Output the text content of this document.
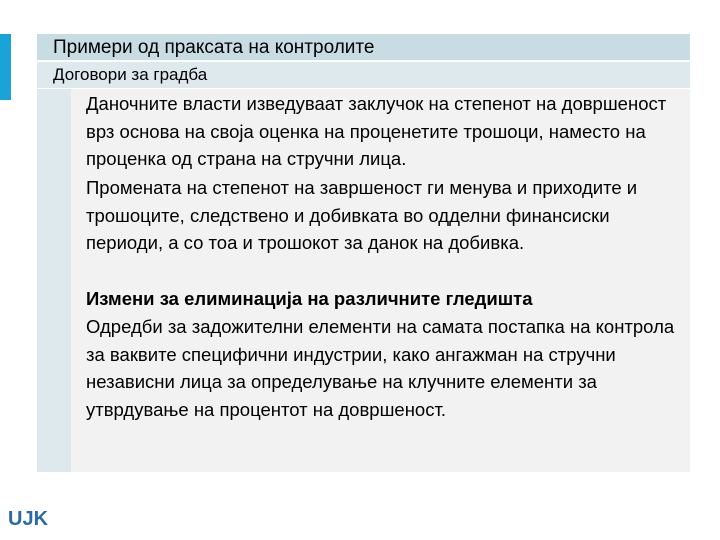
Примери од праксата на контролите
Договори за градба
Даночните власти изведуваат заклучок на степенот на довршеност врз основа на своја оценка на проценетите трошоци, наместо на проценка од страна на стручни лица.
Промената на степенот на завршеност ги менува и приходите и трошоците, следствено и добивката во одделни финансиски периоди, а со тоа и трошокот за данок на добивка.
Измени за елиминација на различните гледишта
Одредби за задожителни елементи на самата постапка на контрола за ваквите специфични индустрии, како ангажман на стручни независни лица за определување на клучните елементи за утврдување на процентот на довршеност.
UJK
